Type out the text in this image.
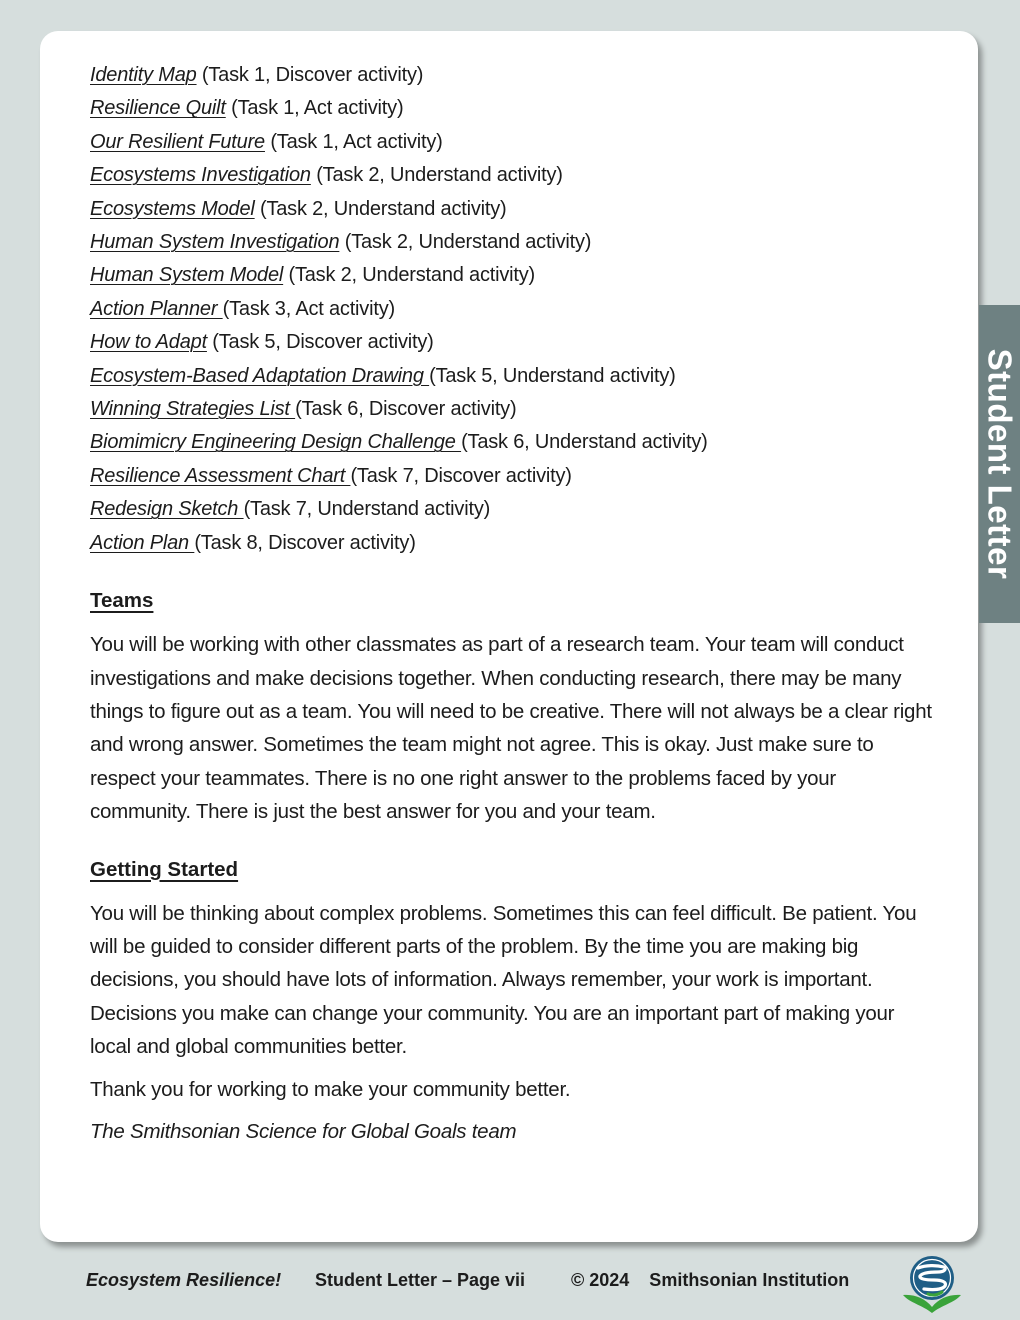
Identity Map (Task 1, Discover activity)
Resilience Quilt (Task 1, Act activity)
Our Resilient Future (Task 1, Act activity)
Ecosystems Investigation (Task 2, Understand activity)
Ecosystems Model (Task 2, Understand activity)
Human System Investigation (Task 2, Understand activity)
Human System Model (Task 2, Understand activity)
Action Planner (Task 3, Act activity)
How to Adapt (Task 5, Discover activity)
Ecosystem-Based Adaptation Drawing (Task 5, Understand activity)
Winning Strategies List (Task 6, Discover activity)
Biomimicry Engineering Design Challenge (Task 6, Understand activity)
Resilience Assessment Chart (Task 7, Discover activity)
Redesign Sketch (Task 7, Understand activity)
Action Plan (Task 8, Discover activity)
Teams

You will be working with other classmates as part of a research team. Your team will conduct investigations and make decisions together. When conducting research, there may be many things to figure out as a team. You will need to be creative. There will not always be a clear right and wrong answer. Sometimes the team might not agree. This is okay. Just make sure to respect your teammates. There is no one right answer to the problems faced by your community. There is just the best answer for you and your team.

Getting Started

You will be thinking about complex problems. Sometimes this can feel difficult. Be patient. You will be guided to consider different parts of the problem. By the time you are making big decisions, you should have lots of information. Always remember, your work is important. Decisions you make can change your community. You are an important part of making your local and global communities better.

Thank you for working to make your community better.

The Smithsonian Science for Global Goals team

Student Letter
Ecosystem Resilience! Student Letter – Page vii	© 2024    Smithsonian Institution
